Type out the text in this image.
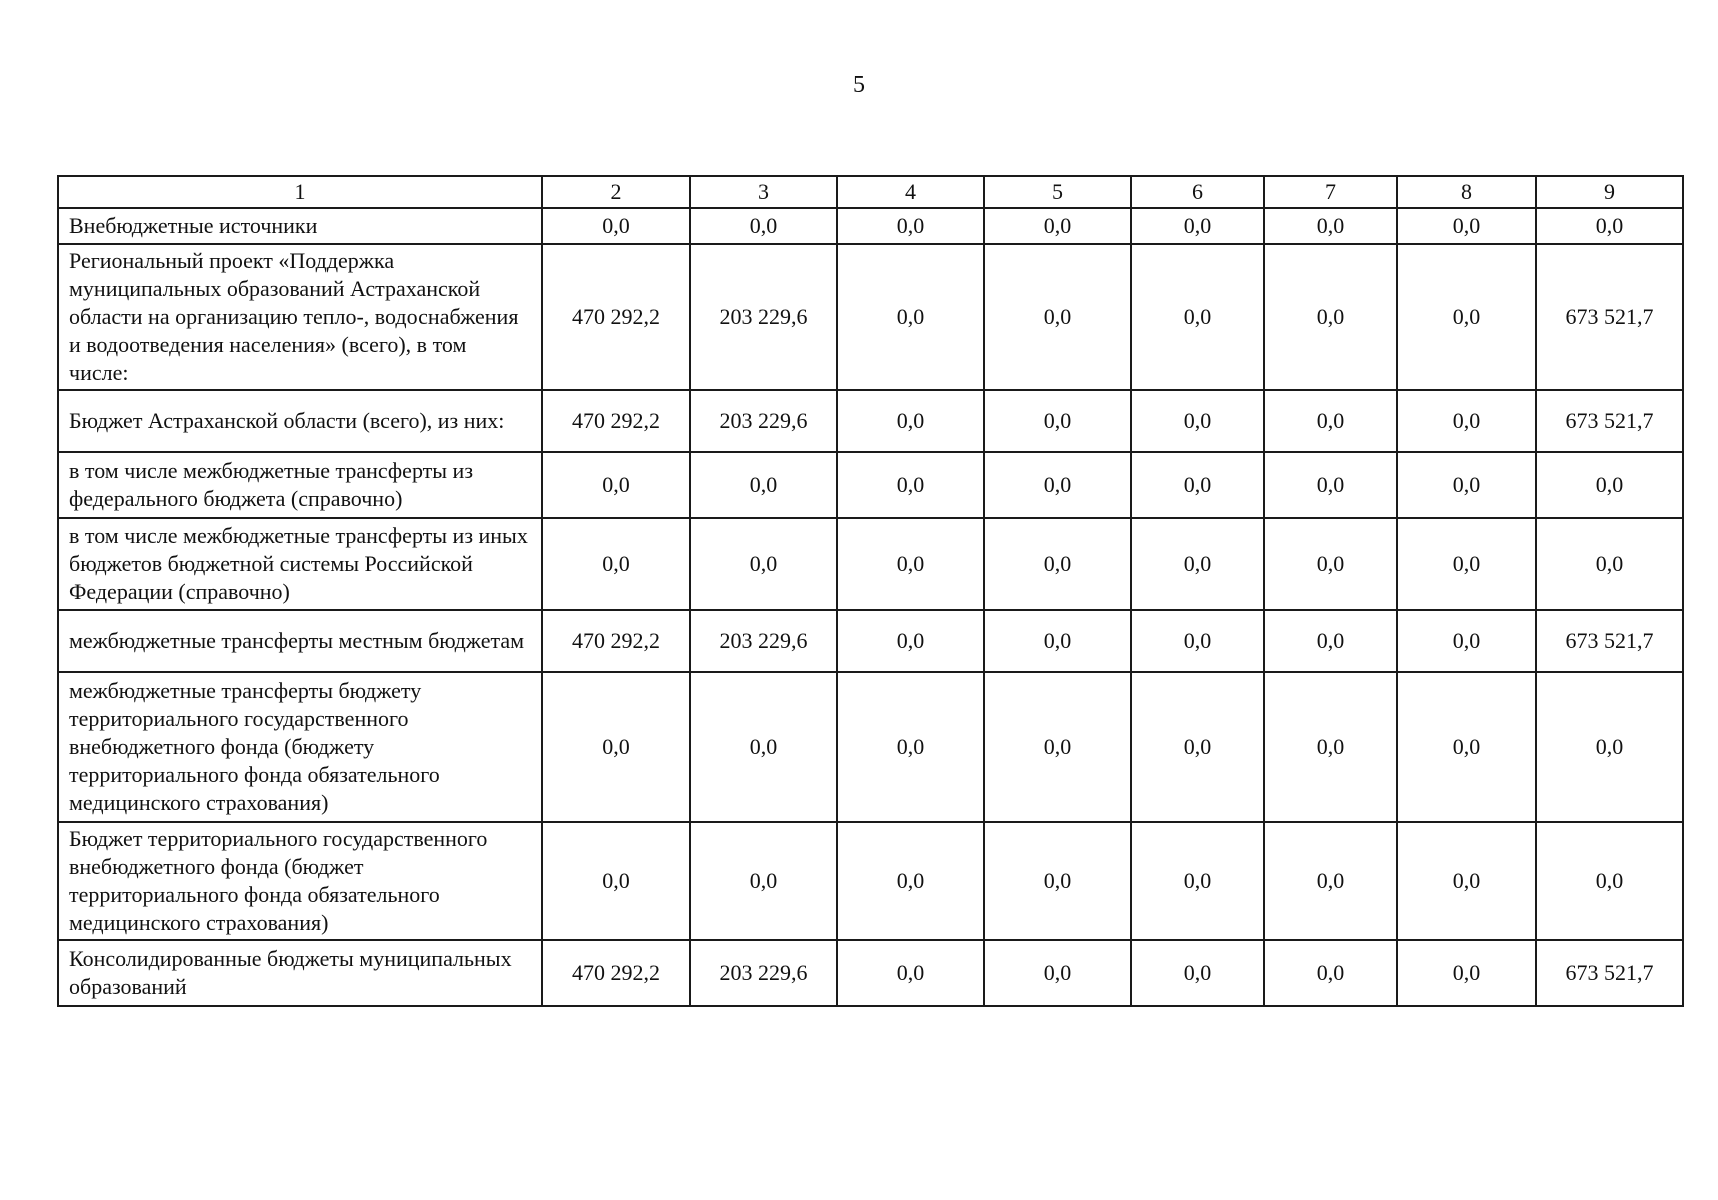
5
1	2	3	4	5	6	7	8	9
Внебюджетные источники	0,0	0,0	0,0	0,0	0,0	0,0	0,0	0,0
Региональный проект «Поддержка муниципальных образований Астраханской области на организацию тепло-, водоснабжения и водоотведения населения» (всего), в том числе:	470 292,2	203 229,6	0,0	0,0	0,0	0,0	0,0	673 521,7
Бюджет Астраханской области (всего), из них:	470 292,2	203 229,6	0,0	0,0	0,0	0,0	0,0	673 521,7
в том числе межбюджетные трансферты из федерального бюджета (справочно)	0,0	0,0	0,0	0,0	0,0	0,0	0,0	0,0
в том числе межбюджетные трансферты из иных бюджетов бюджетной системы Российской Федерации (справочно)	0,0	0,0	0,0	0,0	0,0	0,0	0,0	0,0
межбюджетные трансферты местным бюджетам	470 292,2	203 229,6	0,0	0,0	0,0	0,0	0,0	673 521,7
межбюджетные трансферты бюджету территориального государственного внебюджетного фонда (бюджету территориального фонда обязательного медицинского страхования)	0,0	0,0	0,0	0,0	0,0	0,0	0,0	0,0
Бюджет территориального государственного внебюджетного фонда (бюджет территориального фонда обязательного медицинского страхования)	0,0	0,0	0,0	0,0	0,0	0,0	0,0	0,0
Консолидированные бюджеты муниципальных образований	470 292,2	203 229,6	0,0	0,0	0,0	0,0	0,0	673 521,7
